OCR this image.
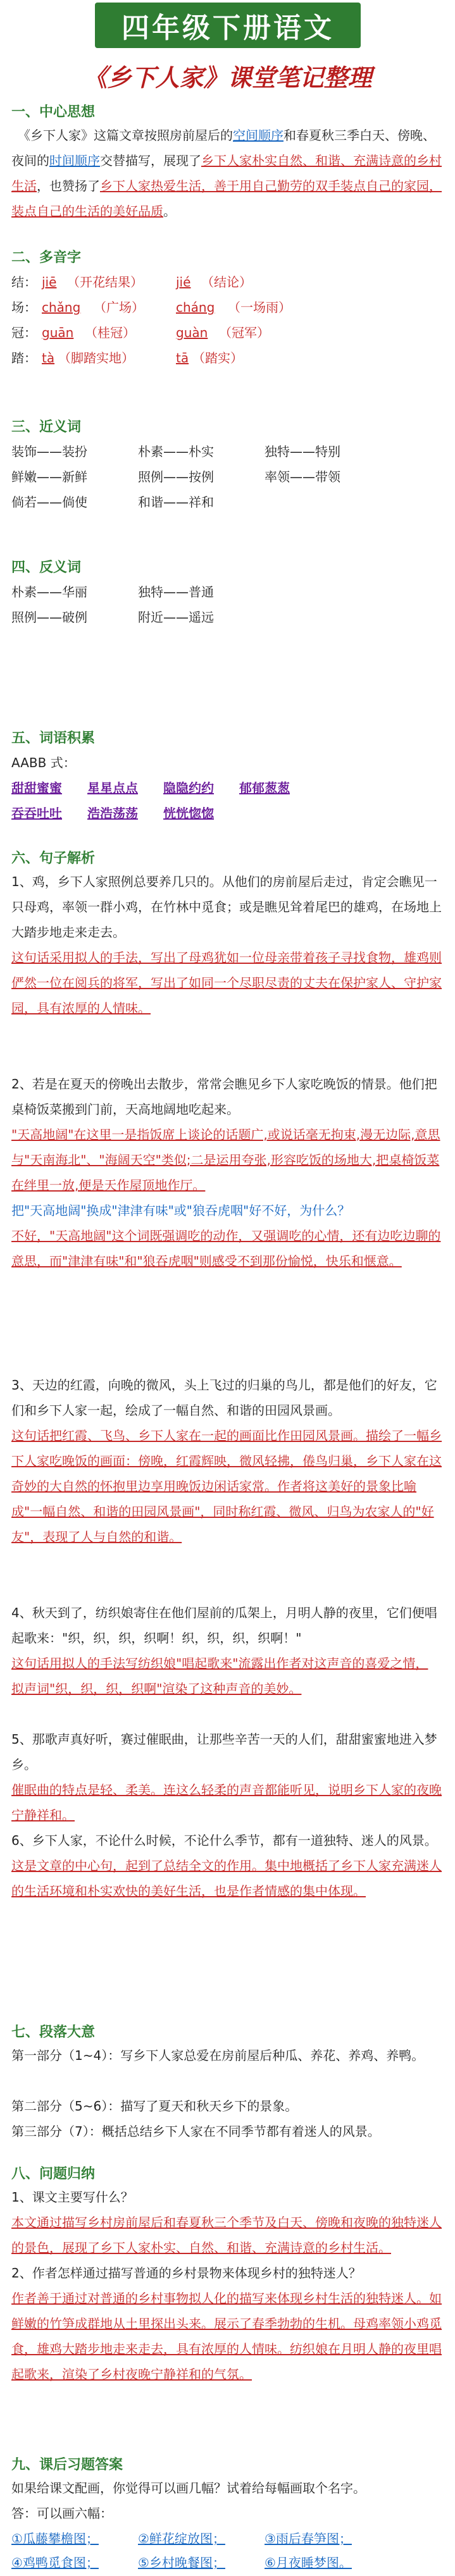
四年级下册语文
《乡下人家》课堂笔记整理
一、中心思想
　《乡下人家》这篇文章按照房前屋后的空间顺序和春夏秋三季白天、傍晚、夜间的时间顺序交替描写，展现了乡下人家朴实自然、和谐、充满诗意的乡村生活，也赞扬了乡下人家热爱生活，善于用自己勤劳的双手装点自己的家园，装点自己的生活的美好品质。
二、多音字
结： jiē （开花结果）	jié （结论）
场： chǎng （广场）	cháng （一场雨）
冠： guān （桂冠）	guàn （冠军）
踏： tà （脚踏实地）	tā （踏实）
三、近义词
装饰——装扮	朴素——朴实	独特——特别
鲜嫩——新鲜	照例——按例	率领——带领
倘若——倘使	和谐——祥和
四、反义词
朴素——华丽	独特——普通
照例——破例	附近——遥远
五、词语积累
AABB 式：
甜甜蜜蜜 星星点点 隐隐约约 郁郁葱葱
吞吞吐吐 浩浩荡荡 恍恍惚惚
六、句子解析
1、鸡，乡下人家照例总要养几只的。从他们的房前屋后走过，肯定会瞧见一只母鸡，率领一群小鸡，在竹林中觅食；或是瞧见耸着尾巴的雄鸡，在场地上大踏步地走来走去。
这句话采用拟人的手法，写出了母鸡犹如一位母亲带着孩子寻找食物，雄鸡则俨然一位在阅兵的将军，写出了如同一个尽职尽责的丈夫在保护家人、守护家园，具有浓厚的人情味。
2、若是在夏天的傍晚出去散步，常常会瞧见乡下人家吃晚饭的情景。他们把桌椅饭菜搬到门前，天高地阔地吃起来。
"天高地阔"在这里一是指饭席上谈论的话题广,或说话毫无拘束,漫无边际,意思与"天南海北"、"海阔天空"类似;二是运用夸张,形容吃饭的场地大,把桌椅饭菜在绊里一放,便是天作屋顶地作厅。
把"天高地阔"换成"津津有味"或"狼吞虎咽"好不好，为什么？
不好，"天高地阔"这个词既强调吃的动作，又强调吃的心情，还有边吃边聊的意思，而"津津有味"和"狼吞虎咽"则感受不到那份愉悦，快乐和惬意。
3、天边的红霞，向晚的微风，头上飞过的归巢的鸟儿，都是他们的好友，它们和乡下人家一起，绘成了一幅自然、和谐的田园风景画。
这句话把红霞、飞鸟、乡下人家在一起的画面比作田园风景画。描绘了一幅乡下人家吃晚饭的画面：傍晚，红霞辉映，微风轻拂，倦鸟归巢，乡下人家在这奇妙的大自然的怀抱里边享用晚饭边闲话家常。作者将这美好的景象比喻成"一幅自然、和谐的田园风景画"，同时称红霞、微风、归鸟为农家人的"好友"，表现了人与自然的和谐。
4、秋天到了，纺织娘寄住在他们屋前的瓜架上，月明人静的夜里，它们便唱起歌来："织，织，织，织啊！织，织，织，织啊！"
这句话用拟人的手法写纺织娘"唱起歌来"流露出作者对这声音的喜爱之情， 拟声词"织，织，织，织啊"渲染了这种声音的美妙。
5、那歌声真好听，赛过催眠曲，让那些辛苦一天的人们，甜甜蜜蜜地进入梦乡。
催眠曲的特点是轻、柔美。连这么轻柔的声音都能听见，说明乡下人家的夜晚宁静祥和。
6、乡下人家，不论什么时候，不论什么季节，都有一道独特、迷人的风景。
这是文章的中心句，起到了总结全文的作用。集中地概括了乡下人家充满迷人的生活环境和朴实欢快的美好生活，也是作者情感的集中体现。
七、段落大意
第一部分（1~4）：写乡下人家总爱在房前屋后种瓜、养花、养鸡、养鸭。
第二部分（5~6）：描写了夏天和秋天乡下的景象。
第三部分（7）：概括总结乡下人家在不同季节都有着迷人的风景。
八、问题归纳
1、课文主要写什么？
本文通过描写乡村房前屋后和春夏秋三个季节及白天、傍晚和夜晚的独特迷人的景色，展现了乡下人家朴实、自然、和谐、充满诗意的乡村生活。
2、作者怎样通过描写普通的乡村景物来体现乡村的独特迷人？
作者善于通过对普通的乡村事物拟人化的描写来体现乡村生活的独特迷人。如鲜嫩的竹笋成群地从土里探出头来。展示了春季勃勃的生机。母鸡率领小鸡觅食，雄鸡大踏步地走来走去，具有浓厚的人情味。纺织娘在月明人静的夜里唱起歌来，渲染了乡村夜晚宁静祥和的气氛。
九、课后习题答案
如果给课文配画，你觉得可以画几幅？试着给每幅画取个名字。
答：可以画六幅：
①瓜藤攀檐图；	②鲜花绽放图；	③雨后春笋图；
④鸡鸭觅食图；	⑤乡村晚餐图；	⑥月夜睡梦图。
